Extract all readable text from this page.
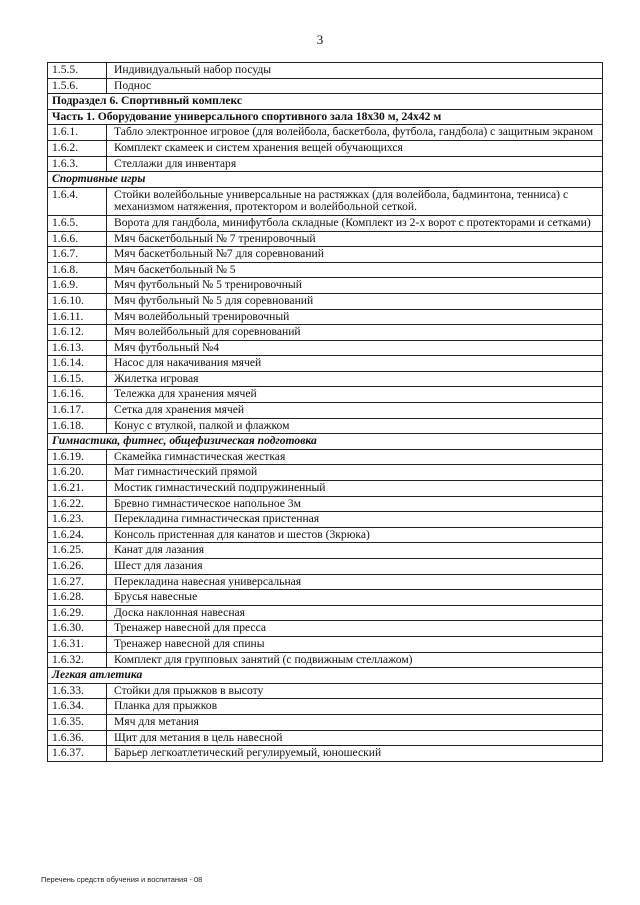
3
1.5.5.	Индивидуальный набор посуды
1.5.6.	Поднос
Подраздел 6. Спортивный комплекс	
Часть 1. Оборудование универсального спортивного зала 18х30 м, 24х42 м	
1.6.1.	Табло электронное игровое (для волейбола, баскетбола, футбола, гандбола) с защитным экраном
1.6.2.	Комплект скамеек и систем хранения вещей обучающихся
1.6.3.	Стеллажи для инвентаря
Спортивные игры	
1.6.4.	Стойки волейбольные универсальные на растяжках (для волейбола, бадминтона, тенниса) с механизмом натяжения, протектором и волейбольной сеткой.
1.6.5.	Ворота для гандбола, минифутбола складные (Комплект из 2-х ворот с протекторами и сетками)
1.6.6.	Мяч баскетбольный № 7 тренировочный
1.6.7.	Мяч баскетбольный №7 для соревнований
1.6.8.	Мяч баскетбольный № 5
1.6.9.	Мяч футбольный № 5 тренировочный
1.6.10.	Мяч футбольный № 5 для соревнований
1.6.11.	Мяч волейбольный тренировочный
1.6.12.	Мяч волейбольный для соревнований
1.6.13.	Мяч футбольный №4
1.6.14.	Насос для накачивания мячей
1.6.15.	Жилетка игровая
1.6.16.	Тележка для хранения мячей
1.6.17.	Сетка для хранения мячей
1.6.18.	Конус с втулкой, палкой и флажком
Гимнастика, фитнес, общефизическая подготовка	
1.6.19.	Скамейка гимнастическая жесткая
1.6.20.	Мат гимнастический прямой
1.6.21.	Мостик гимнастический подпружиненный
1.6.22.	Бревно гимнастическое напольное 3м
1.6.23.	Перекладина гимнастическая пристенная
1.6.24.	Консоль пристенная для канатов и шестов (3крюка)
1.6.25.	Канат для лазания
1.6.26.	Шест для лазания
1.6.27.	Перекладина навесная универсальная
1.6.28.	Брусья навесные
1.6.29.	Доска наклонная навесная
1.6.30.	Тренажер навесной для пресса
1.6.31.	Тренажер навесной для спины
1.6.32.	Комплект для групповых занятий (с подвижным стеллажом)
Легкая атлетика	
1.6.33.	Стойки для прыжков в высоту
1.6.34.	Планка для прыжков
1.6.35.	Мяч для метания
1.6.36.	Щит для метания в цель навесной
1.6.37.	Барьер легкоатлетический регулируемый, юношеский
Перечень средств обучения и воспитания - 08
